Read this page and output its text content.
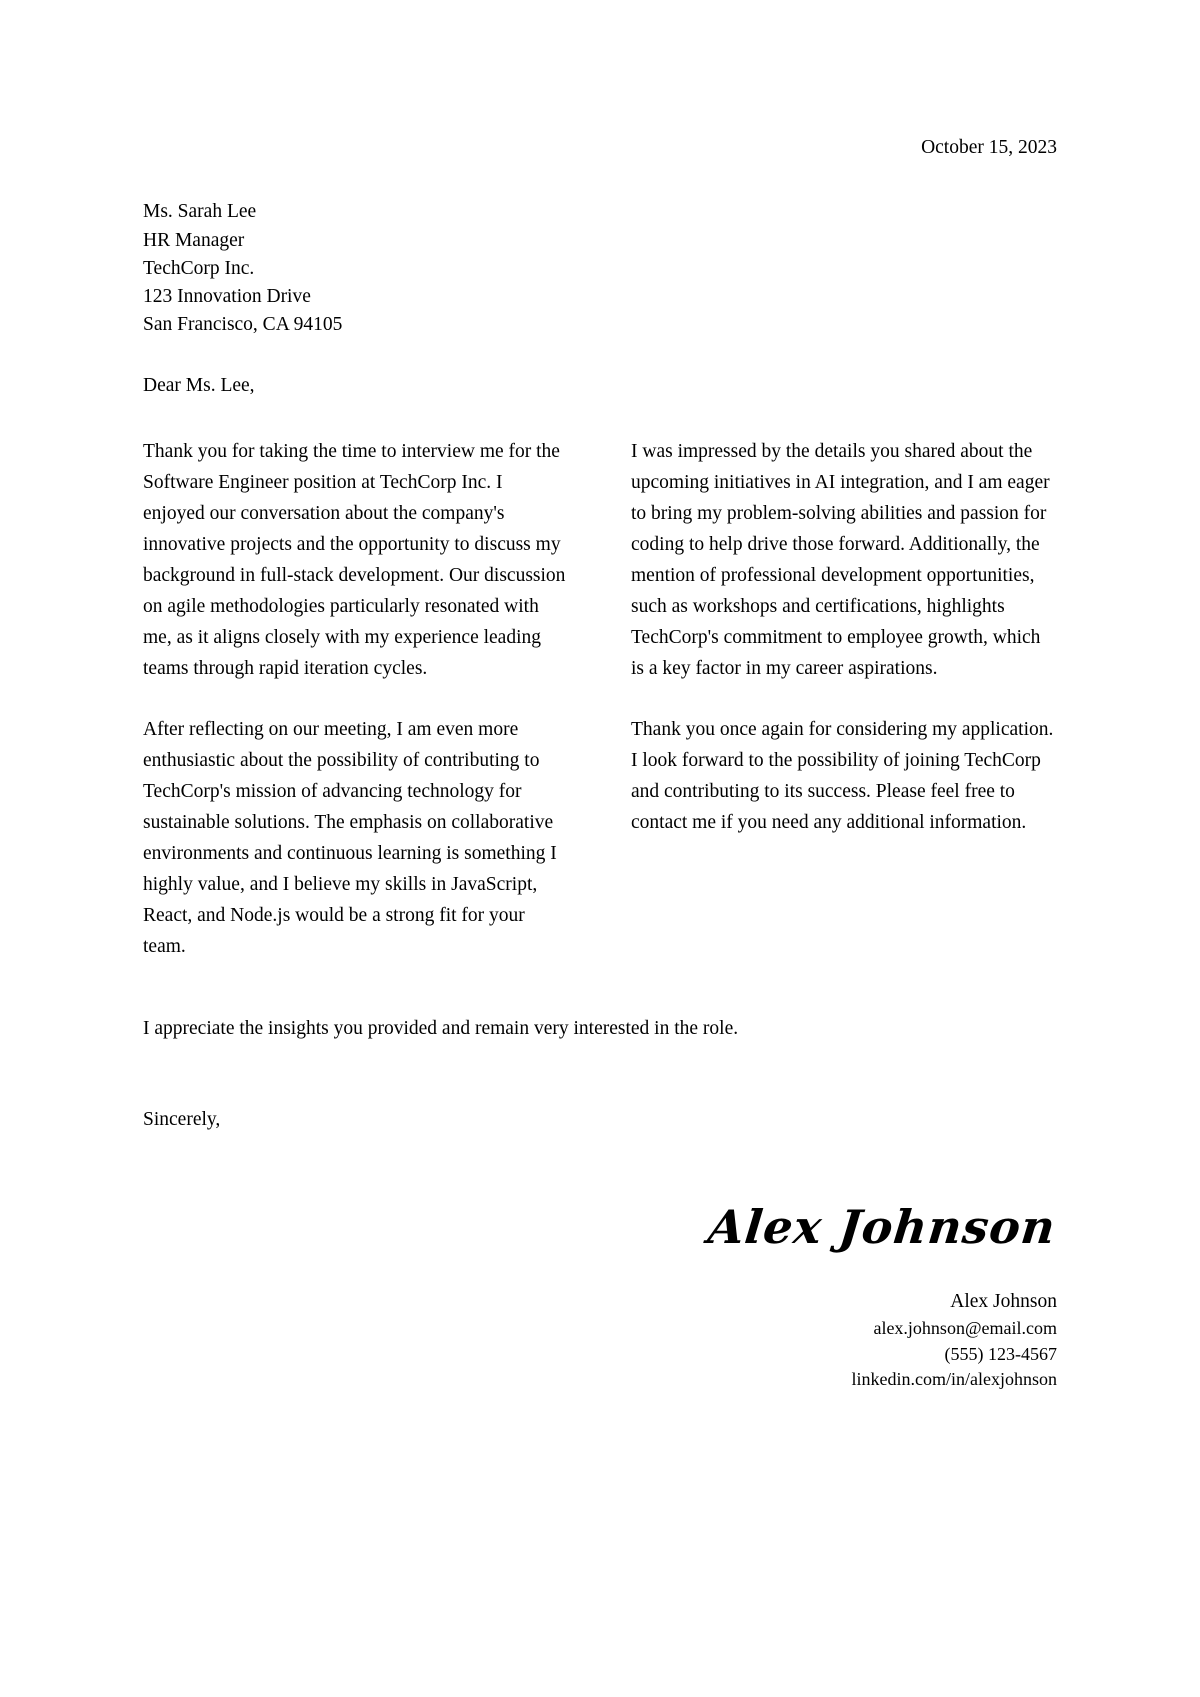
October 15, 2023
Ms. Sarah Lee
HR Manager
TechCorp Inc.
123 Innovation Drive
San Francisco, CA 94105
Dear Ms. Lee,

Thank you for taking the time to interview me for the Software Engineer position at TechCorp Inc. I enjoyed our conversation about the company's innovative projects and the opportunity to discuss my background in full-stack development. Our discussion on agile methodologies particularly resonated with me, as it aligns closely with my experience leading teams through rapid iteration cycles.

After reflecting on our meeting, I am even more enthusiastic about the possibility of contributing to TechCorp's mission of advancing technology for sustainable solutions. The emphasis on collaborative environments and continuous learning is something I highly value, and I believe my skills in JavaScript, React, and Node.js would be a strong fit for your team.

I was impressed by the details you shared about the upcoming initiatives in AI integration, and I am eager to bring my problem-solving abilities and passion for coding to help drive those forward. Additionally, the mention of professional development opportunities, such as workshops and certifications, highlights TechCorp's commitment to employee growth, which is a key factor in my career aspirations.

Thank you once again for considering my application. I look forward to the possibility of joining TechCorp and contributing to its success. Please feel free to contact me if you need any additional information.

I appreciate the insights you provided and remain very interested in the role.
Sincerely,
Alex Johnson
Alex Johnson
alex.johnson@email.com
(555) 123-4567
linkedin.com/in/alexjohnson
